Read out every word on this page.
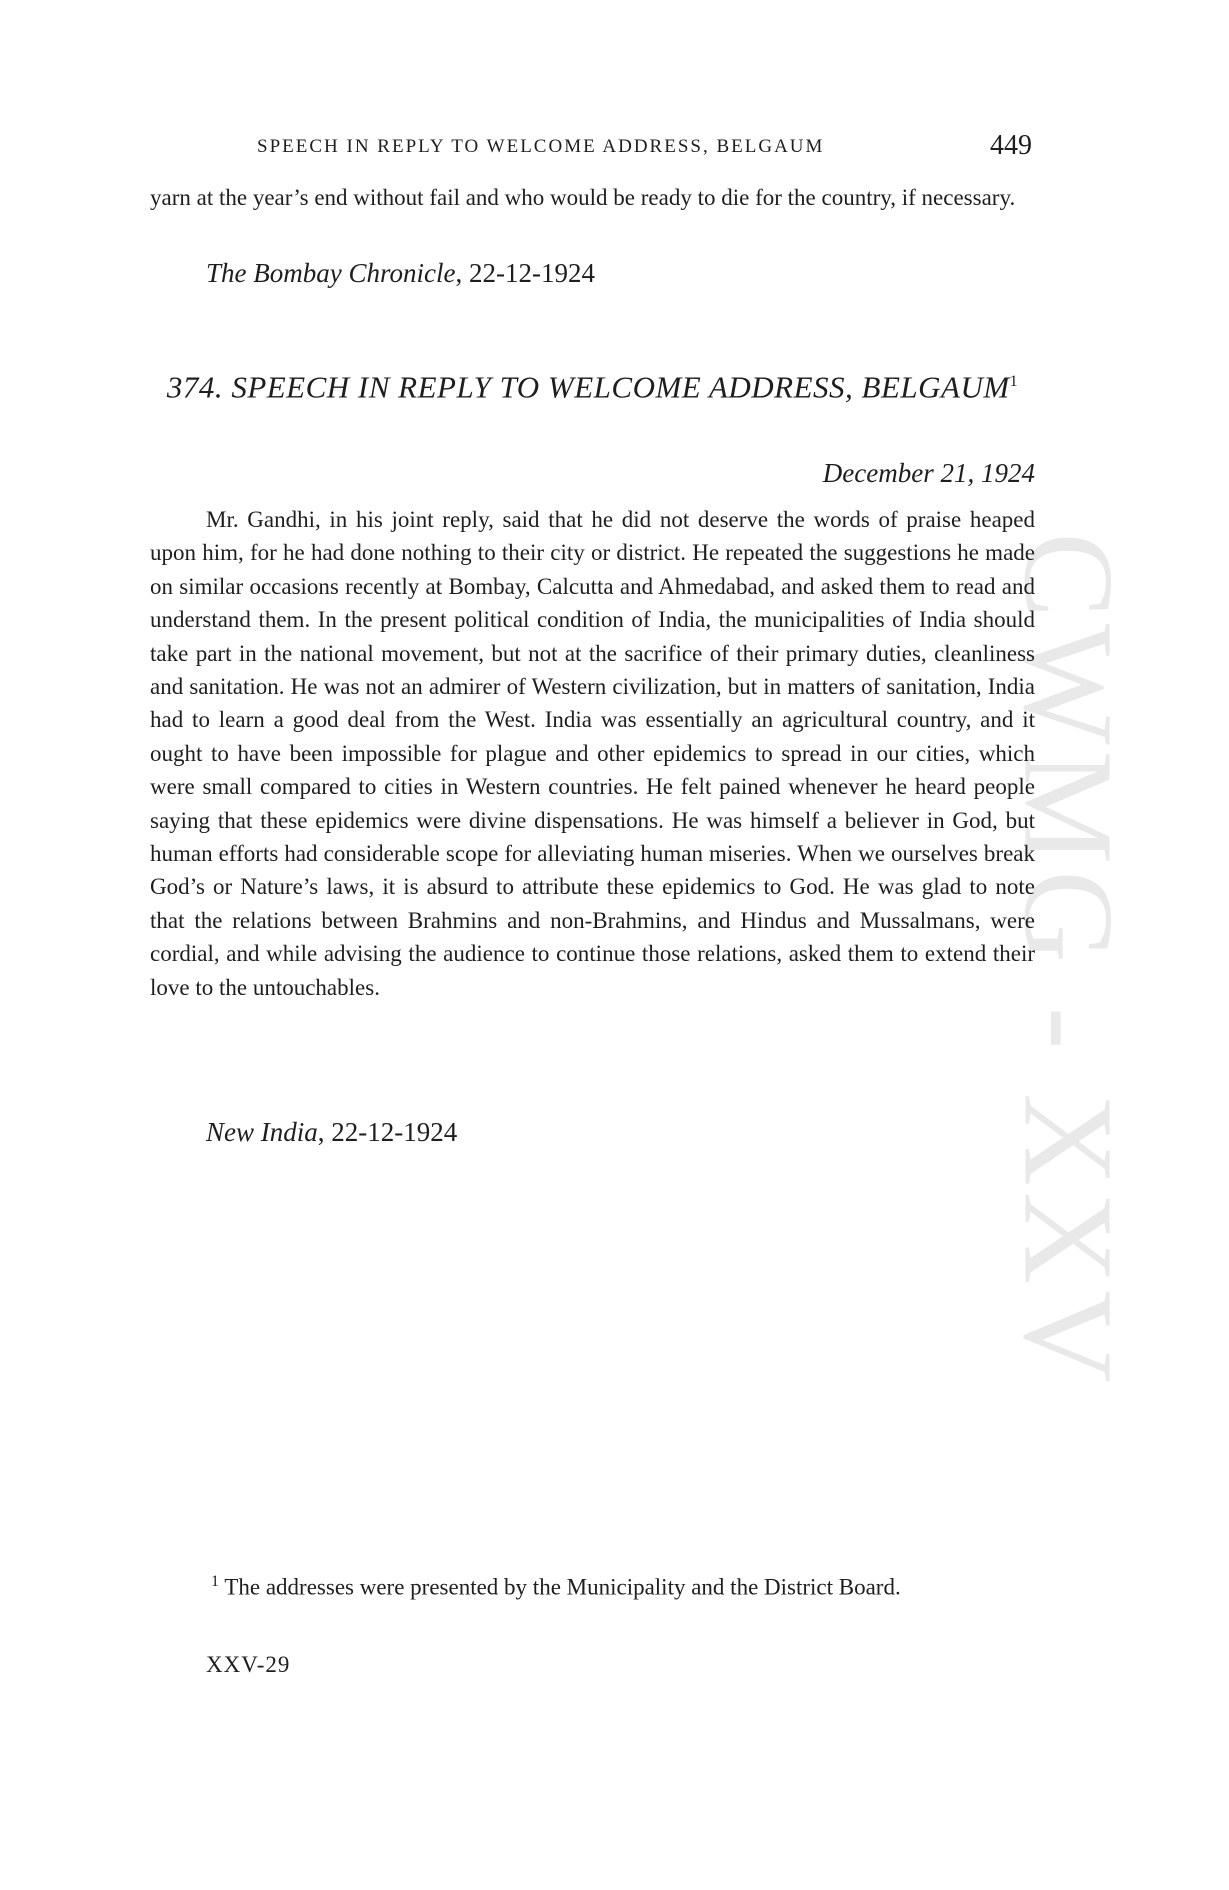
CWMG - XXV
SPEECH IN REPLY TO WELCOME ADDRESS, BELGAUM	449
yarn at the year’s end without fail and who would be ready to die for the country, if necessary.
The Bombay Chronicle, 22-12-1924
374. SPEECH IN REPLY TO WELCOME ADDRESS, BELGAUM$^1$
December 21, 1924
Mr. Gandhi, in his joint reply, said that he did not deserve the words of praise heaped upon him, for he had done nothing to their city or district. He repeated the suggestions he made on similar occasions recently at Bombay, Calcutta and Ahmedabad, and asked them to read and understand them. In the present political condition of India, the municipalities of India should take part in the national movement, but not at the sacrifice of their primary duties, cleanliness and sanitation. He was not an admirer of Western civilization, but in matters of sanitation, India had to learn a good deal from the West. India was essentially an agricultural country, and it ought to have been impossible for plague and other epidemics to spread in our cities, which were small compared to cities in Western countries. He felt pained whenever he heard people saying that these epidemics were divine dispensations. He was himself a believer in God, but human efforts had considerable scope for alleviating human miseries. When we ourselves break God’s or Nature’s laws, it is absurd to attribute these epidemics to God. He was glad to note that the relations between Brahmins and non-Brahmins, and Hindus and Mussalmans, were cordial, and while advising the audience to continue those relations, asked them to extend their love to the untouchables.
New India, 22-12-1924
$^1$ The addresses were presented by the Municipality and the District Board.
XXV-29
